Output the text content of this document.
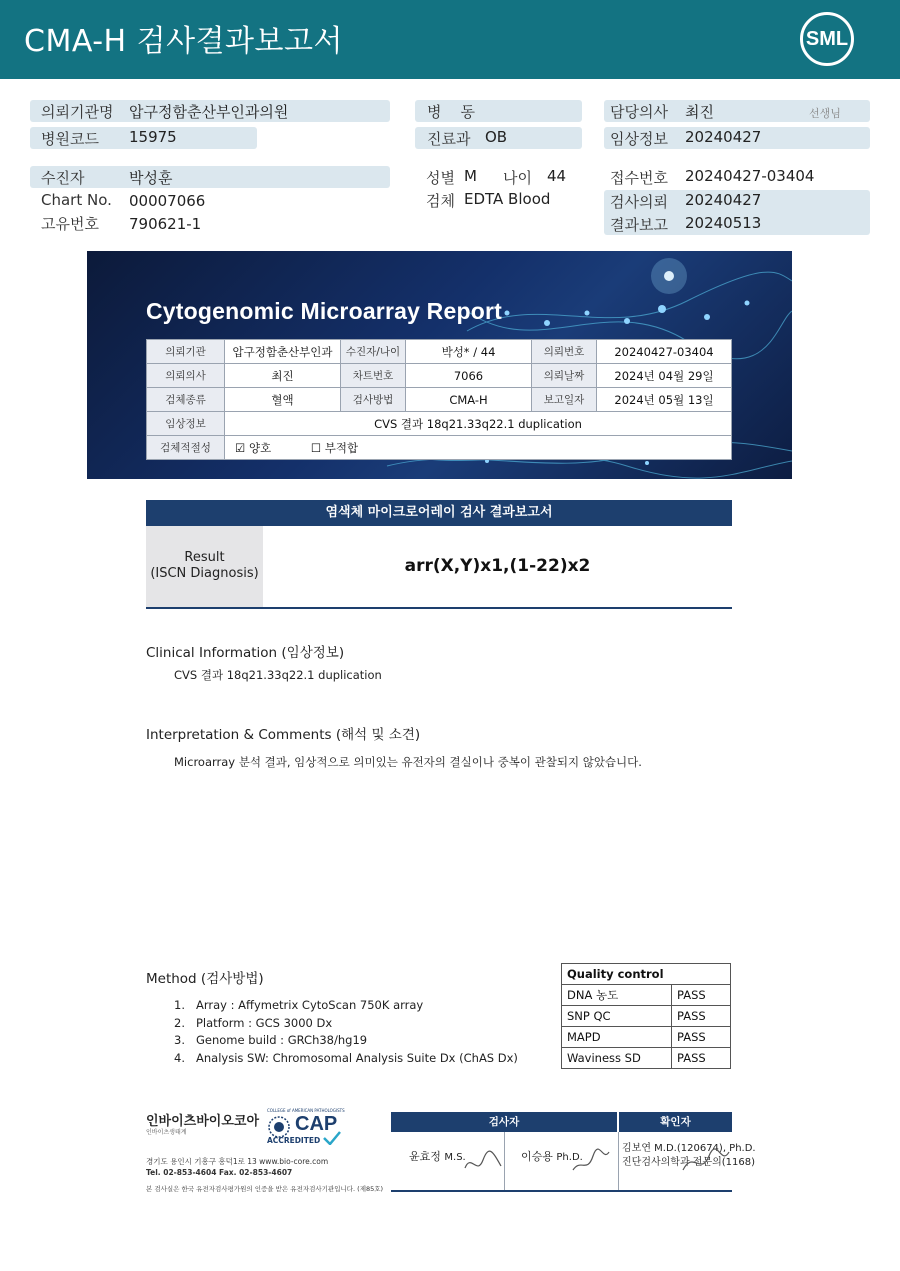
CMA-H 검사결과보고서	SML
의뢰기관명 압구정함춘산부인과의원
병원코드 15975
수진자	박성훈
Chart No. 00007066
고유번호 790621-1
병    동
진료과 OB
성별 M 나이 44
검체 EDTA Blood
담당의사 최진	선생님
임상정보 20240427
접수번호 20240427-03404
검사의뢰 20240427
결과보고 20240513
Cytogenomic Microarray Report
의뢰기관	압구정함춘산부인과	수진자/나이	박성* / 44	의뢰번호	20240427-03404
의뢰의사	최진	차트번호	7066	의뢰날짜	2024년 04월 29일
검체종류	혈액	검사방법	CMA-H	보고일자	2024년 05월 13일
임상정보	CVS 결과 18q21.33q22.1 duplication				
검체적절성	☑ 양호 ☐ 부적합				
염색체 마이크로어레이 검사 결과보고서
Result
(ISCN Diagnosis)	arr(X,Y)x1,(1-22)x2
Clinical Information (임상정보)
CVS 결과 18q21.33q22.1 duplication
Interpretation & Comments (해석 및 소견)
Microarray 분석 결과, 임상적으로 의미있는 유전자의 결실이나 중복이 관찰되지 않았습니다.
Method (검사방법)
1. Array : Affymetrix CytoScan 750K array
2. Platform : GCS 3000 Dx
3. Genome build : GRCh38/hg19
4. Analysis SW: Chromosomal Analysis Suite Dx (ChAS Dx)
Quality control	
DNA 농도	PASS
SNP QC	PASS
MAPD	PASS
Waviness SD	PASS
인바이츠바이오코아
인바이츠생태계	CAP
COLLEGE of AMERICAN PATHOLOGISTS
ACCREDITED
경기도 용인시 기흥구 흥덕1로 13 www.bio-core.com
Tel. 02-853-4604 Fax. 02-853-4607
본 검사실은 한국 유전자검사평가원의 인증을 받은 유전자검사기관입니다. (제85호)
검사자	확인자
윤효정 M.S.	이승용 Ph.D.
김보연 M.D.(120674), Ph.D.
진단검사의학과 전문의(1168)
